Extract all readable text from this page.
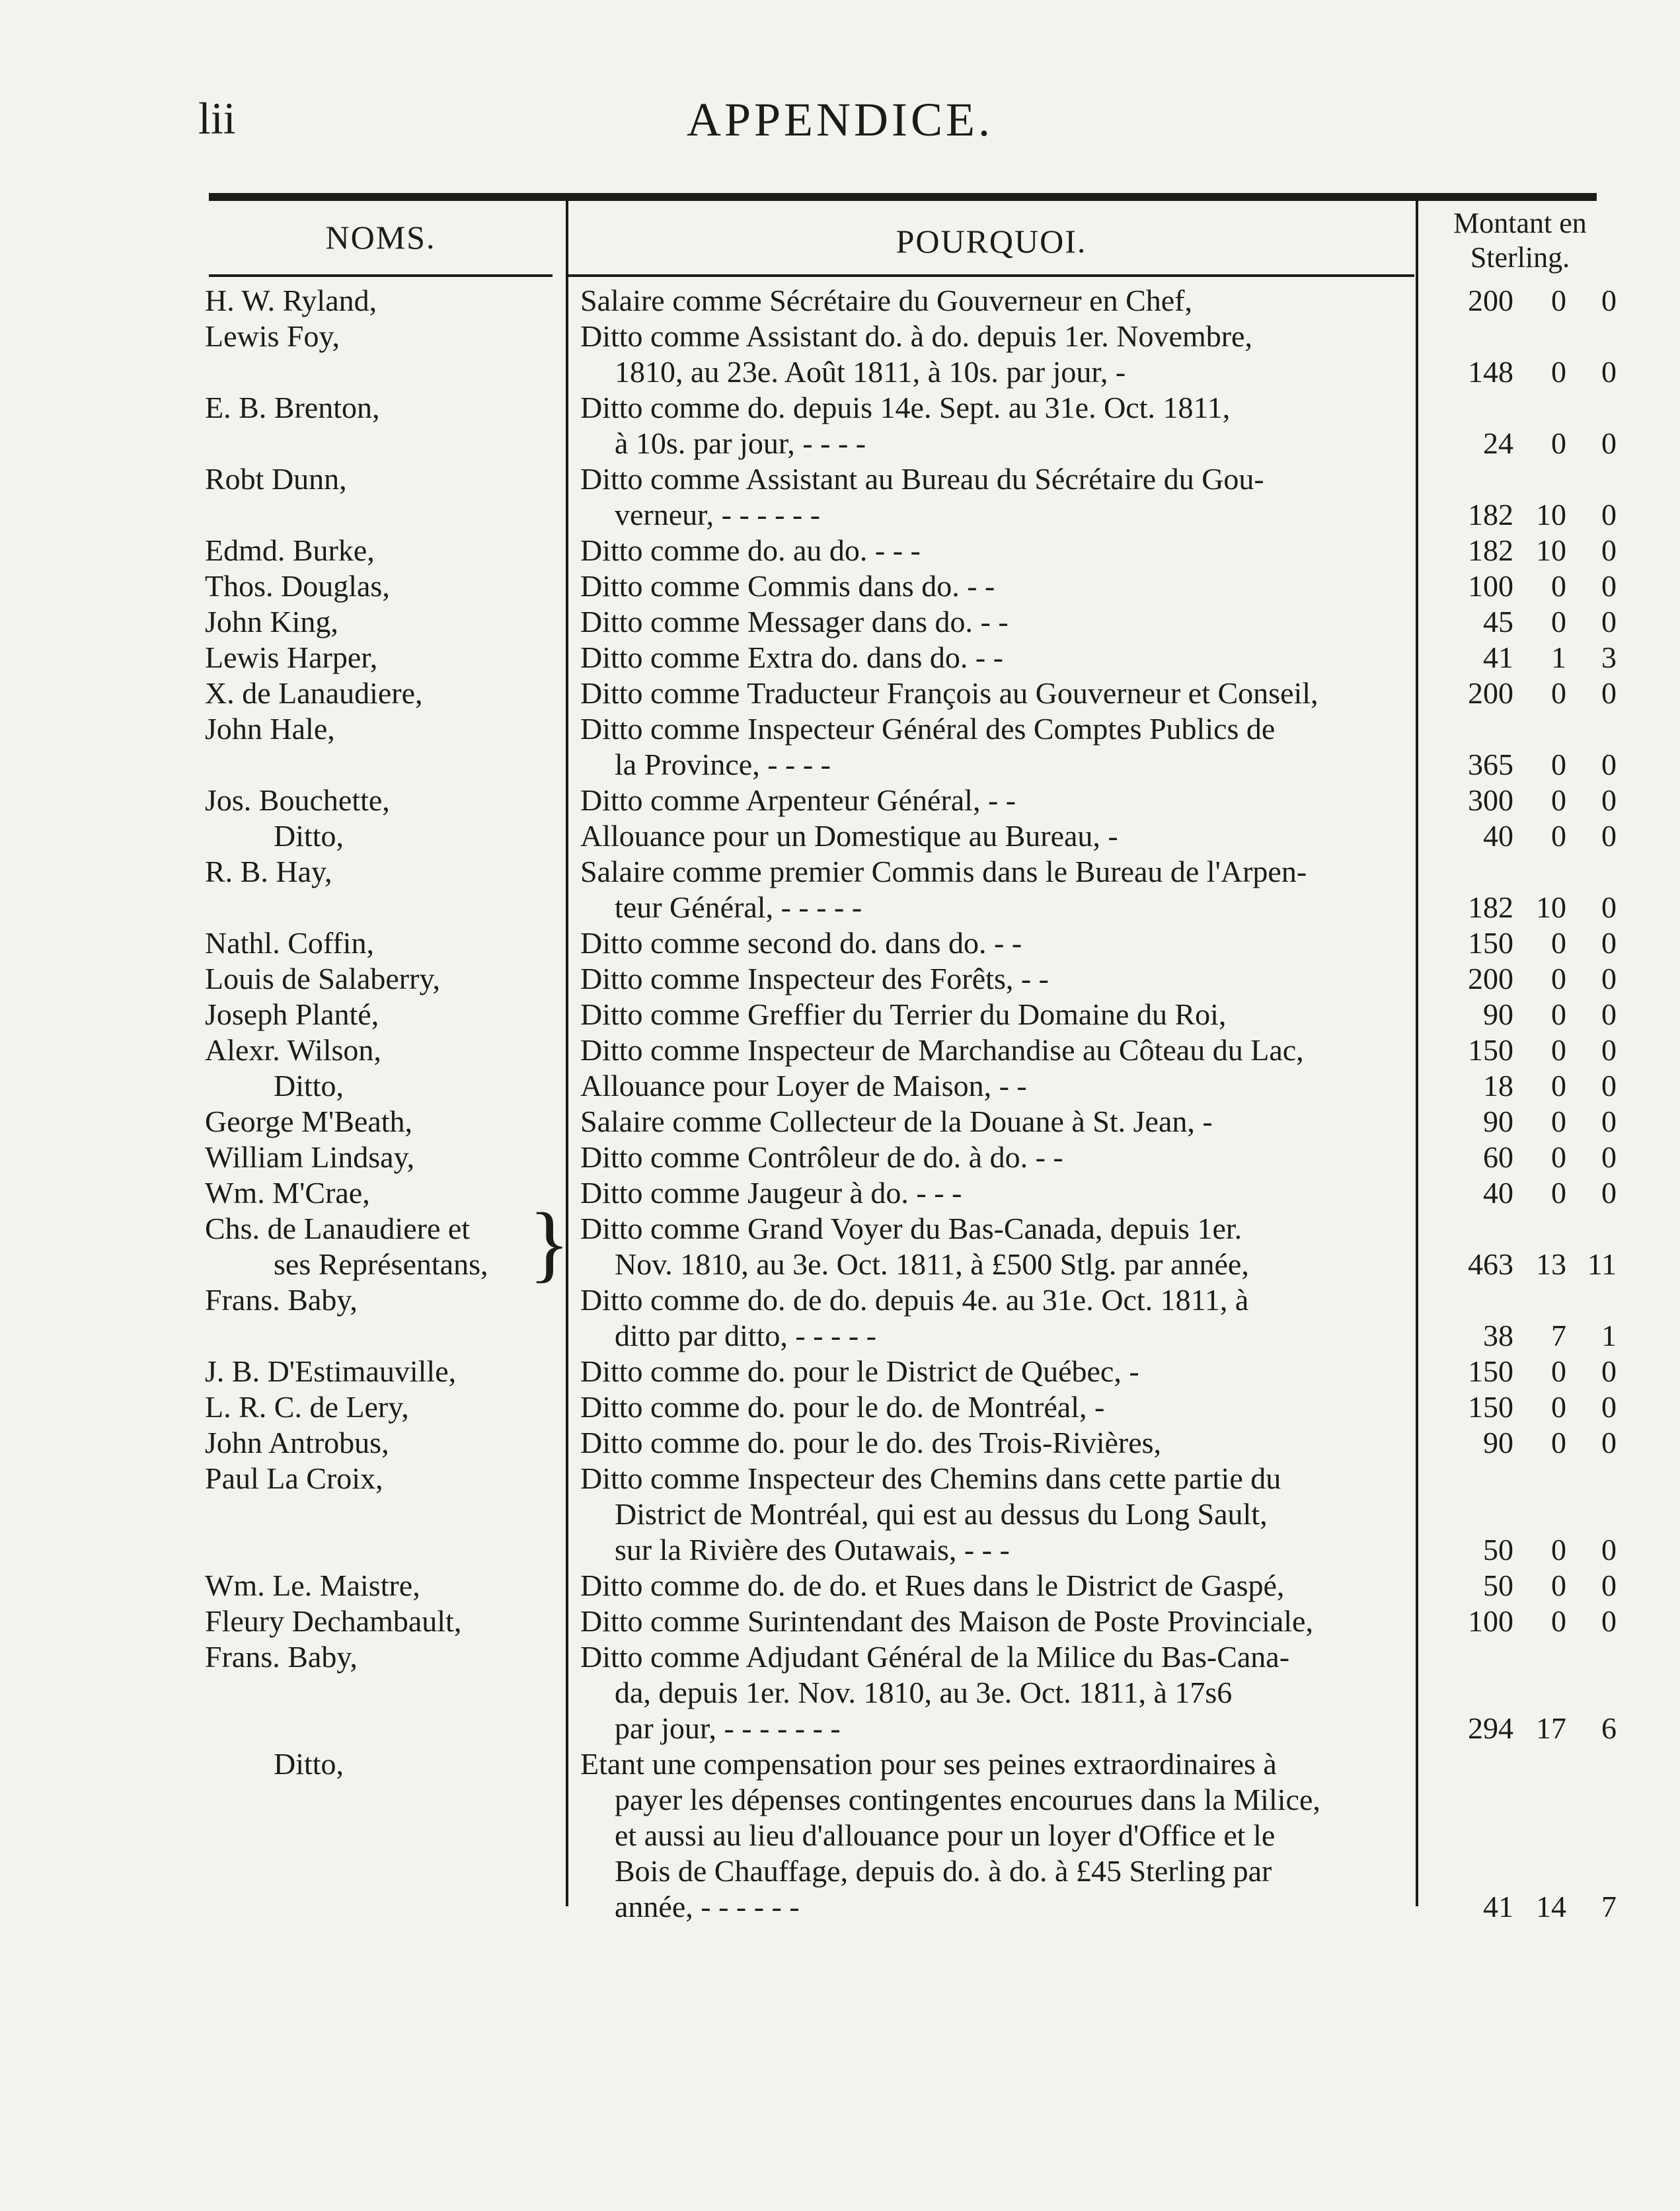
lii	APPENDICE.
NOMS.	POURQUOI.	Montant en
Sterling.
H. W. Ryland,	Salaire comme Sécrétaire du Gouverneur en Chef,	200	0	0
Lewis Foy,	Ditto comme Assistant do. à do. depuis 1er. Novembre,
1810, au 23e. Août 1811, à 10s. par jour, -	148	0	0
E. B. Brenton,	Ditto comme do. depuis 14e. Sept. au 31e. Oct. 1811,
à 10s. par jour, - - - -	24	0	0
Robt Dunn,	Ditto comme Assistant au Bureau du Sécrétaire du Gou-
verneur, - - - - - -	182 10	0
Edmd. Burke,	Ditto comme do. au do. - - -	182 10	0
Thos. Douglas,	Ditto comme Commis dans do. - -	100	0	0
John King,	Ditto comme Messager dans do. - -	45	0	0
Lewis Harper,	Ditto comme Extra do. dans do. - -	41	1	3
X. de Lanaudiere,	Ditto comme Traducteur François au Gouverneur et Conseil,	200	0	0
John Hale,	Ditto comme Inspecteur Général des Comptes Publics de
la Province, - - - -	365	0	0
Jos. Bouchette,	Ditto comme Arpenteur Général, - -	300	0	0
Ditto,	Allouance pour un Domestique au Bureau, -	40	0	0
R. B. Hay,	Salaire comme premier Commis dans le Bureau de l'Arpen-
teur Général, - - - - -	182 10	0
Nathl. Coffin,	Ditto comme second do. dans do. - -	150	0	0
Louis de Salaberry,	Ditto comme Inspecteur des Forêts, - -	200	0	0
Joseph Planté,	Ditto comme Greffier du Terrier du Domaine du Roi,	90	0	0
Alexr. Wilson,	Ditto comme Inspecteur de Marchandise au Côteau du Lac,	150	0	0
Ditto,	Allouance pour Loyer de Maison, - -	18	0	0
George M'Beath,	Salaire comme Collecteur de la Douane à St. Jean, -	90	0	0
William Lindsay,	Ditto comme Contrôleur de do. à do. - -	60	0	0
Wm. M'Crae,	Ditto comme Jaugeur à do. - - -	40	0	0
Chs. de Lanaudiere et
ses Représentans, } Ditto comme Grand Voyer du Bas-Canada, depuis 1er.
Nov. 1810, au 3e. Oct. 1811, à £500 Stlg. par année,	463 13 11
Frans. Baby,	Ditto comme do. de do. depuis 4e. au 31e. Oct. 1811, à
ditto par ditto, - - - - -	38	7	1
J. B. D'Estimauville,	Ditto comme do. pour le District de Québec, -	150	0	0
L. R. C. de Lery,	Ditto comme do. pour le do. de Montréal, -	150	0	0
John Antrobus,	Ditto comme do. pour le do. des Trois-Rivières,	90	0	0
Paul La Croix,	Ditto comme Inspecteur des Chemins dans cette partie du
District de Montréal, qui est au dessus du Long Sault,
sur la Rivière des Outawais, - - -	50	0	0
Wm. Le. Maistre,	Ditto comme do. de do. et Rues dans le District de Gaspé,	50	0	0
Fleury Dechambault,	Ditto comme Surintendant des Maison de Poste Provinciale,	100	0	0
Frans. Baby,	Ditto comme Adjudant Général de la Milice du Bas-Cana-
da, depuis 1er. Nov. 1810, au 3e. Oct. 1811, à 17s6
par jour, - - - - - - -	294 17	6
Ditto,	Etant une compensation pour ses peines extraordinaires à
payer les dépenses contingentes encourues dans la Milice,
et aussi au lieu d'allouance pour un loyer d'Office et le
Bois de Chauffage, depuis do. à do. à £45 Sterling par
année, - - - - - -	41 14	7
